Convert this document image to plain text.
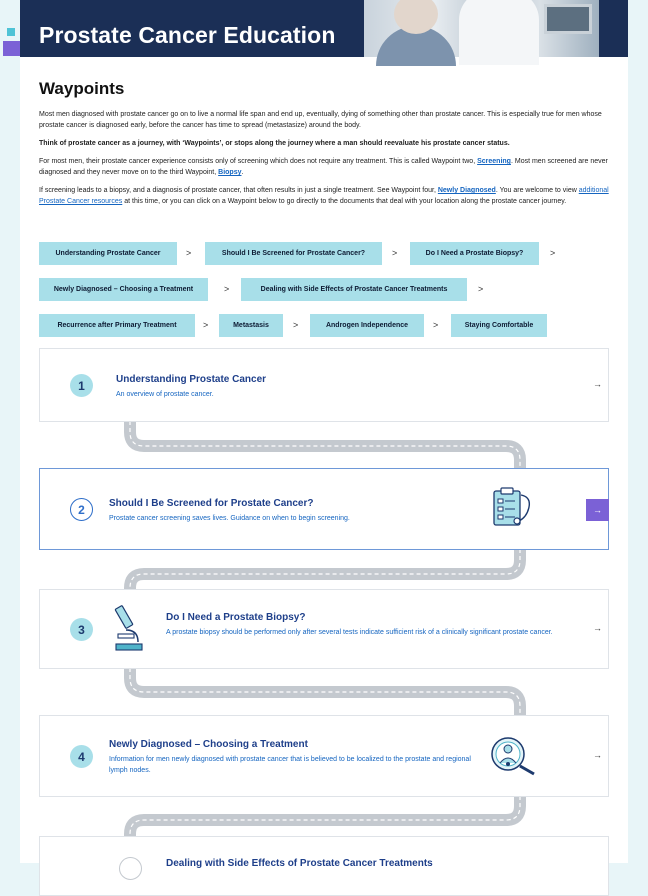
Prostate Cancer Education
Waypoints

Most men diagnosed with prostate cancer go on to live a normal life span and end up, eventually, dying of something other than prostate cancer. This is especially true for men whose prostate cancer is diagnosed early, before the cancer has time to spread (metastasize) around the body.

Think of prostate cancer as a journey, with ‘Waypoints’, or stops along the journey where a man should reevaluate his prostate cancer status.

For most men, their prostate cancer experience consists only of screening which does not require any treatment. This is called Waypoint two, Screening. Most men screened are never diagnosed and they never move on to the third Waypoint, Biopsy.

If screening leads to a biopsy, and a diagnosis of prostate cancer, that often results in just a single treatment. See Waypoint four, Newly Diagnosed. You are welcome to view additional Prostate Cancer resources at this time, or you can click on a Waypoint below to go directly to the documents that deal with your location along the prostate cancer journey.

Understanding Prostate Cancer	>	Should I Be Screened for Prostate Cancer?	>	Do I Need a Prostate Biopsy?	>
Newly Diagnosed – Choosing a Treatment	>	Dealing with Side Effects of Prostate Cancer Treatments	>
Recurrence after Primary Treatment	>	Metastasis	>	Androgen Independence	>	Staying Comfortable
1	Understanding Prostate Cancer
An overview of prostate cancer.
→
2	Should I Be Screened for Prostate Cancer?
Prostate cancer screening saves lives. Guidance on when to begin screening.
→
3
Do I Need a Prostate Biopsy?
A prostate biopsy should be performed only after several tests indicate sufficient risk of a clinically significant prostate cancer.	→
4
Newly Diagnosed – Choosing a Treatment
Information for men newly diagnosed with prostate cancer that is believed to be localized to the prostate and regional lymph nodes.
→
Dealing with Side Effects of Prostate Cancer Treatments
